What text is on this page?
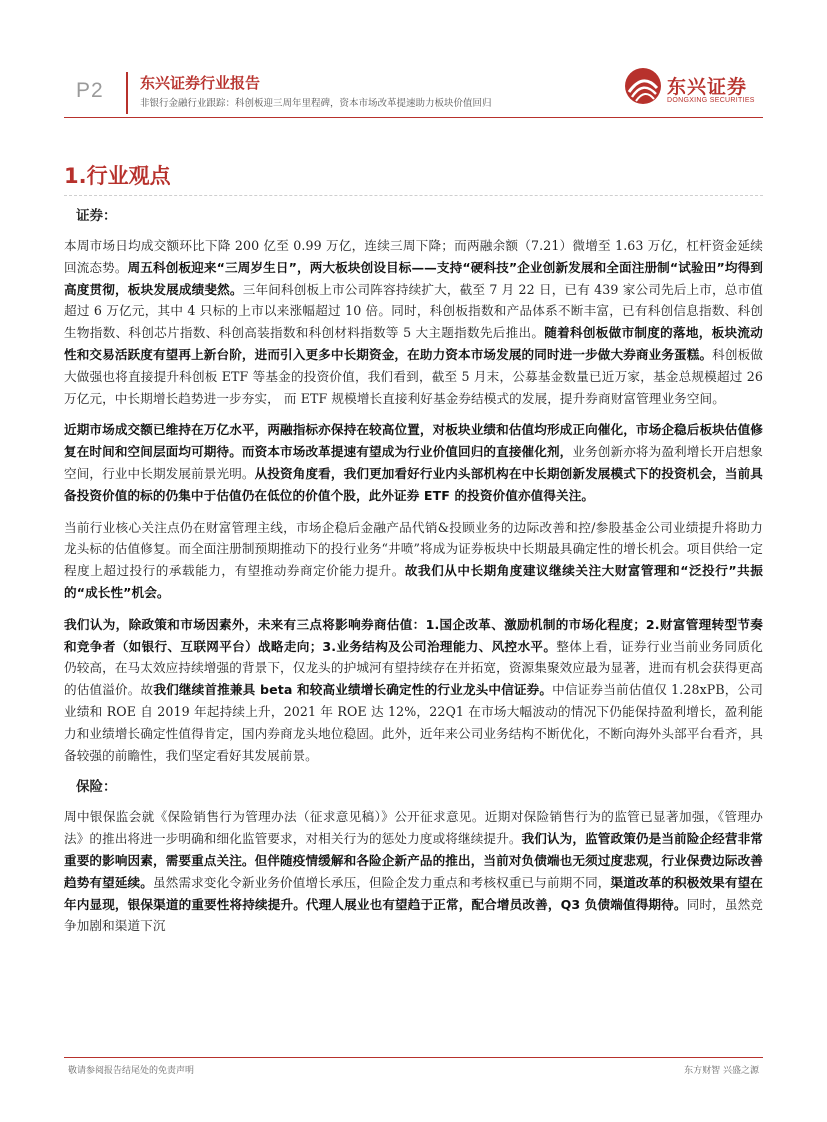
P2 东兴证券行业报告
非银行金融行业跟踪：科创板迎三周年里程碑，资本市场改革提速助力板块价值回归
东兴证券
DONGXING SECURITIES
1.行业观点
证券：

本周市场日均成交额环比下降 200 亿至 0.99 万亿，连续三周下降；而两融余额（7.21）微增至 1.63 万亿，杠杆资金延续回流态势。周五科创板迎来“三周岁生日”，两大板块创设目标——支持“硬科技”企业创新发展和全面注册制“试验田”均得到高度贯彻，板块发展成绩斐然。三年间科创板上市公司阵容持续扩大，截至 7 月 22 日，已有 439 家公司先后上市，总市值超过 6 万亿元，其中 4 只标的上市以来涨幅超过 10 倍。同时，科创板指数和产品体系不断丰富，已有科创信息指数、科创生物指数、科创芯片指数、科创高装指数和科创材料指数等 5 大主题指数先后推出。随着科创板做市制度的落地，板块流动性和交易活跃度有望再上新台阶，进而引入更多中长期资金，在助力资本市场发展的同时进一步做大券商业务蛋糕。科创板做大做强也将直接提升科创板 ETF 等基金的投资价值，我们看到，截至 5 月末，公募基金数量已近万家，基金总规模超过 26 万亿元，中长期增长趋势进一步夯实， 而 ETF 规模增长直接利好基金券结模式的发展，提升券商财富管理业务空间。

近期市场成交额已维持在万亿水平，两融指标亦保持在较高位置，对板块业绩和估值均形成正向催化，市场企稳后板块估值修复在时间和空间层面均可期待。而资本市场改革提速有望成为行业价值回归的直接催化剂，业务创新亦将为盈利增长开启想象空间，行业中长期发展前景光明。从投资角度看，我们更加看好行业内头部机构在中长期创新发展模式下的投资机会，当前具备投资价值的标的仍集中于估值仍在低位的价值个股，此外证券 ETF 的投资价值亦值得关注。

当前行业核心关注点仍在财富管理主线，市场企稳后金融产品代销&投顾业务的边际改善和控/参股基金公司业绩提升将助力龙头标的估值修复。而全面注册制预期推动下的投行业务“井喷”将成为证券板块中长期最具确定性的增长机会。项目供给一定程度上超过投行的承载能力，有望推动券商定价能力提升。故我们从中长期角度建议继续关注大财富管理和“泛投行”共振的“成长性”机会。

我们认为，除政策和市场因素外，未来有三点将影响券商估值：1.国企改革、激励机制的市场化程度；2.财富管理转型节奏和竞争者（如银行、互联网平台）战略走向；3.业务结构及公司治理能力、风控水平。整体上看，证券行业当前业务同质化仍较高，在马太效应持续增强的背景下，仅龙头的护城河有望持续存在并拓宽，资源集聚效应最为显著，进而有机会获得更高的估值溢价。故我们继续首推兼具 beta 和较高业绩增长确定性的行业龙头中信证券。中信证券当前估值仅 1.28xPB，公司业绩和 ROE 自 2019 年起持续上升，2021 年 ROE 达 12%，22Q1 在市场大幅波动的情况下仍能保持盈利增长，盈利能力和业绩增长确定性值得肯定，国内券商龙头地位稳固。此外，近年来公司业务结构不断优化，不断向海外头部平台看齐，具备较强的前瞻性，我们坚定看好其发展前景。

保险：

周中银保监会就《保险销售行为管理办法（征求意见稿）》公开征求意见。近期对保险销售行为的监管已显著加强，《管理办法》的推出将进一步明确和细化监管要求，对相关行为的惩处力度或将继续提升。我们认为，监管政策仍是当前险企经营非常重要的影响因素，需要重点关注。但伴随疫情缓解和各险企新产品的推出，当前对负债端也无须过度悲观，行业保费边际改善趋势有望延续。虽然需求变化令新业务价值增长承压，但险企发力重点和考核权重已与前期不同，渠道改革的积极效果有望在年内显现，银保渠道的重要性将持续提升。代理人展业也有望趋于正常，配合增员改善，Q3 负债端值得期待。同时，虽然竞争加剧和渠道下沉

敬请参阅报告结尾处的免责声明	东方财智 兴盛之源
